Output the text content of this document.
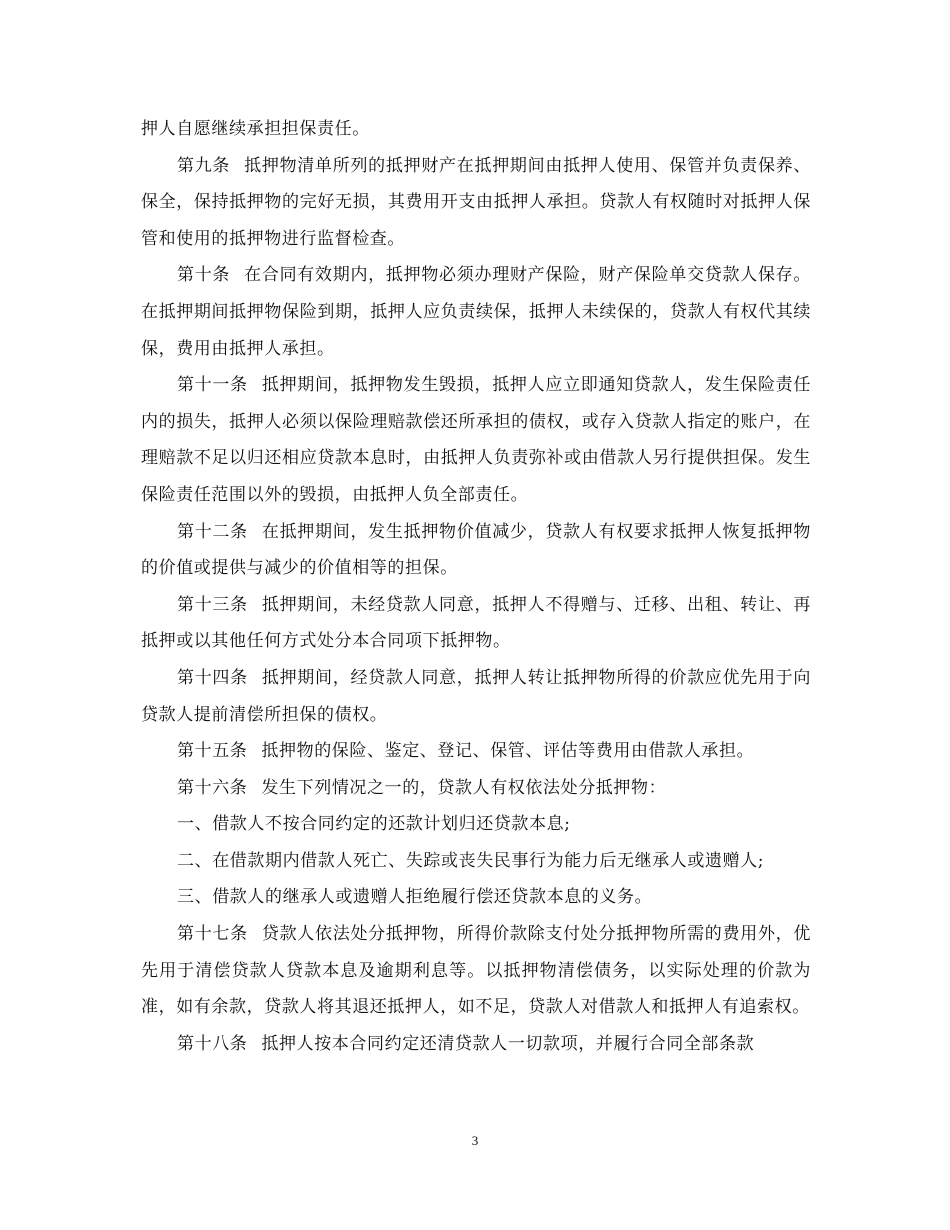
押人自愿继续承担担保责任。

第九条 抵押物清单所列的抵押财产在抵押期间由抵押人使用、保管并负责保养、保全，保持抵押物的完好无损，其费用开支由抵押人承担。贷款人有权随时对抵押人保管和使用的抵押物进行监督检查。

第十条 在合同有效期内，抵押物必须办理财产保险，财产保险单交贷款人保存。在抵押期间抵押物保险到期，抵押人应负责续保，抵押人未续保的，贷款人有权代其续保，费用由抵押人承担。

第十一条 抵押期间，抵押物发生毁损，抵押人应立即通知贷款人，发生保险责任内的损失，抵押人必须以保险理赔款偿还所承担的债权，或存入贷款人指定的账户，在理赔款不足以归还相应贷款本息时，由抵押人负责弥补或由借款人另行提供担保。发生保险责任范围以外的毁损，由抵押人负全部责任。

第十二条 在抵押期间，发生抵押物价值减少，贷款人有权要求抵押人恢复抵押物的价值或提供与减少的价值相等的担保。

第十三条 抵押期间，未经贷款人同意，抵押人不得赠与、迁移、出租、转让、再抵押或以其他任何方式处分本合同项下抵押物。

第十四条 抵押期间，经贷款人同意，抵押人转让抵押物所得的价款应优先用于向贷款人提前清偿所担保的债权。

第十五条 抵押物的保险、鉴定、登记、保管、评估等费用由借款人承担。

第十六条 发生下列情况之一的，贷款人有权依法处分抵押物：

一、借款人不按合同约定的还款计划归还贷款本息;

二、在借款期内借款人死亡、失踪或丧失民事行为能力后无继承人或遗赠人;

三、借款人的继承人或遗赠人拒绝履行偿还贷款本息的义务。

第十七条 贷款人依法处分抵押物，所得价款除支付处分抵押物所需的费用外，优先用于清偿贷款人贷款本息及逾期利息等。以抵押物清偿债务，以实际处理的价款为准，如有余款，贷款人将其退还抵押人，如不足，贷款人对借款人和抵押人有追索权。

第十八条 抵押人按本合同约定还清贷款人一切款项，并履行合同全部条款

3
